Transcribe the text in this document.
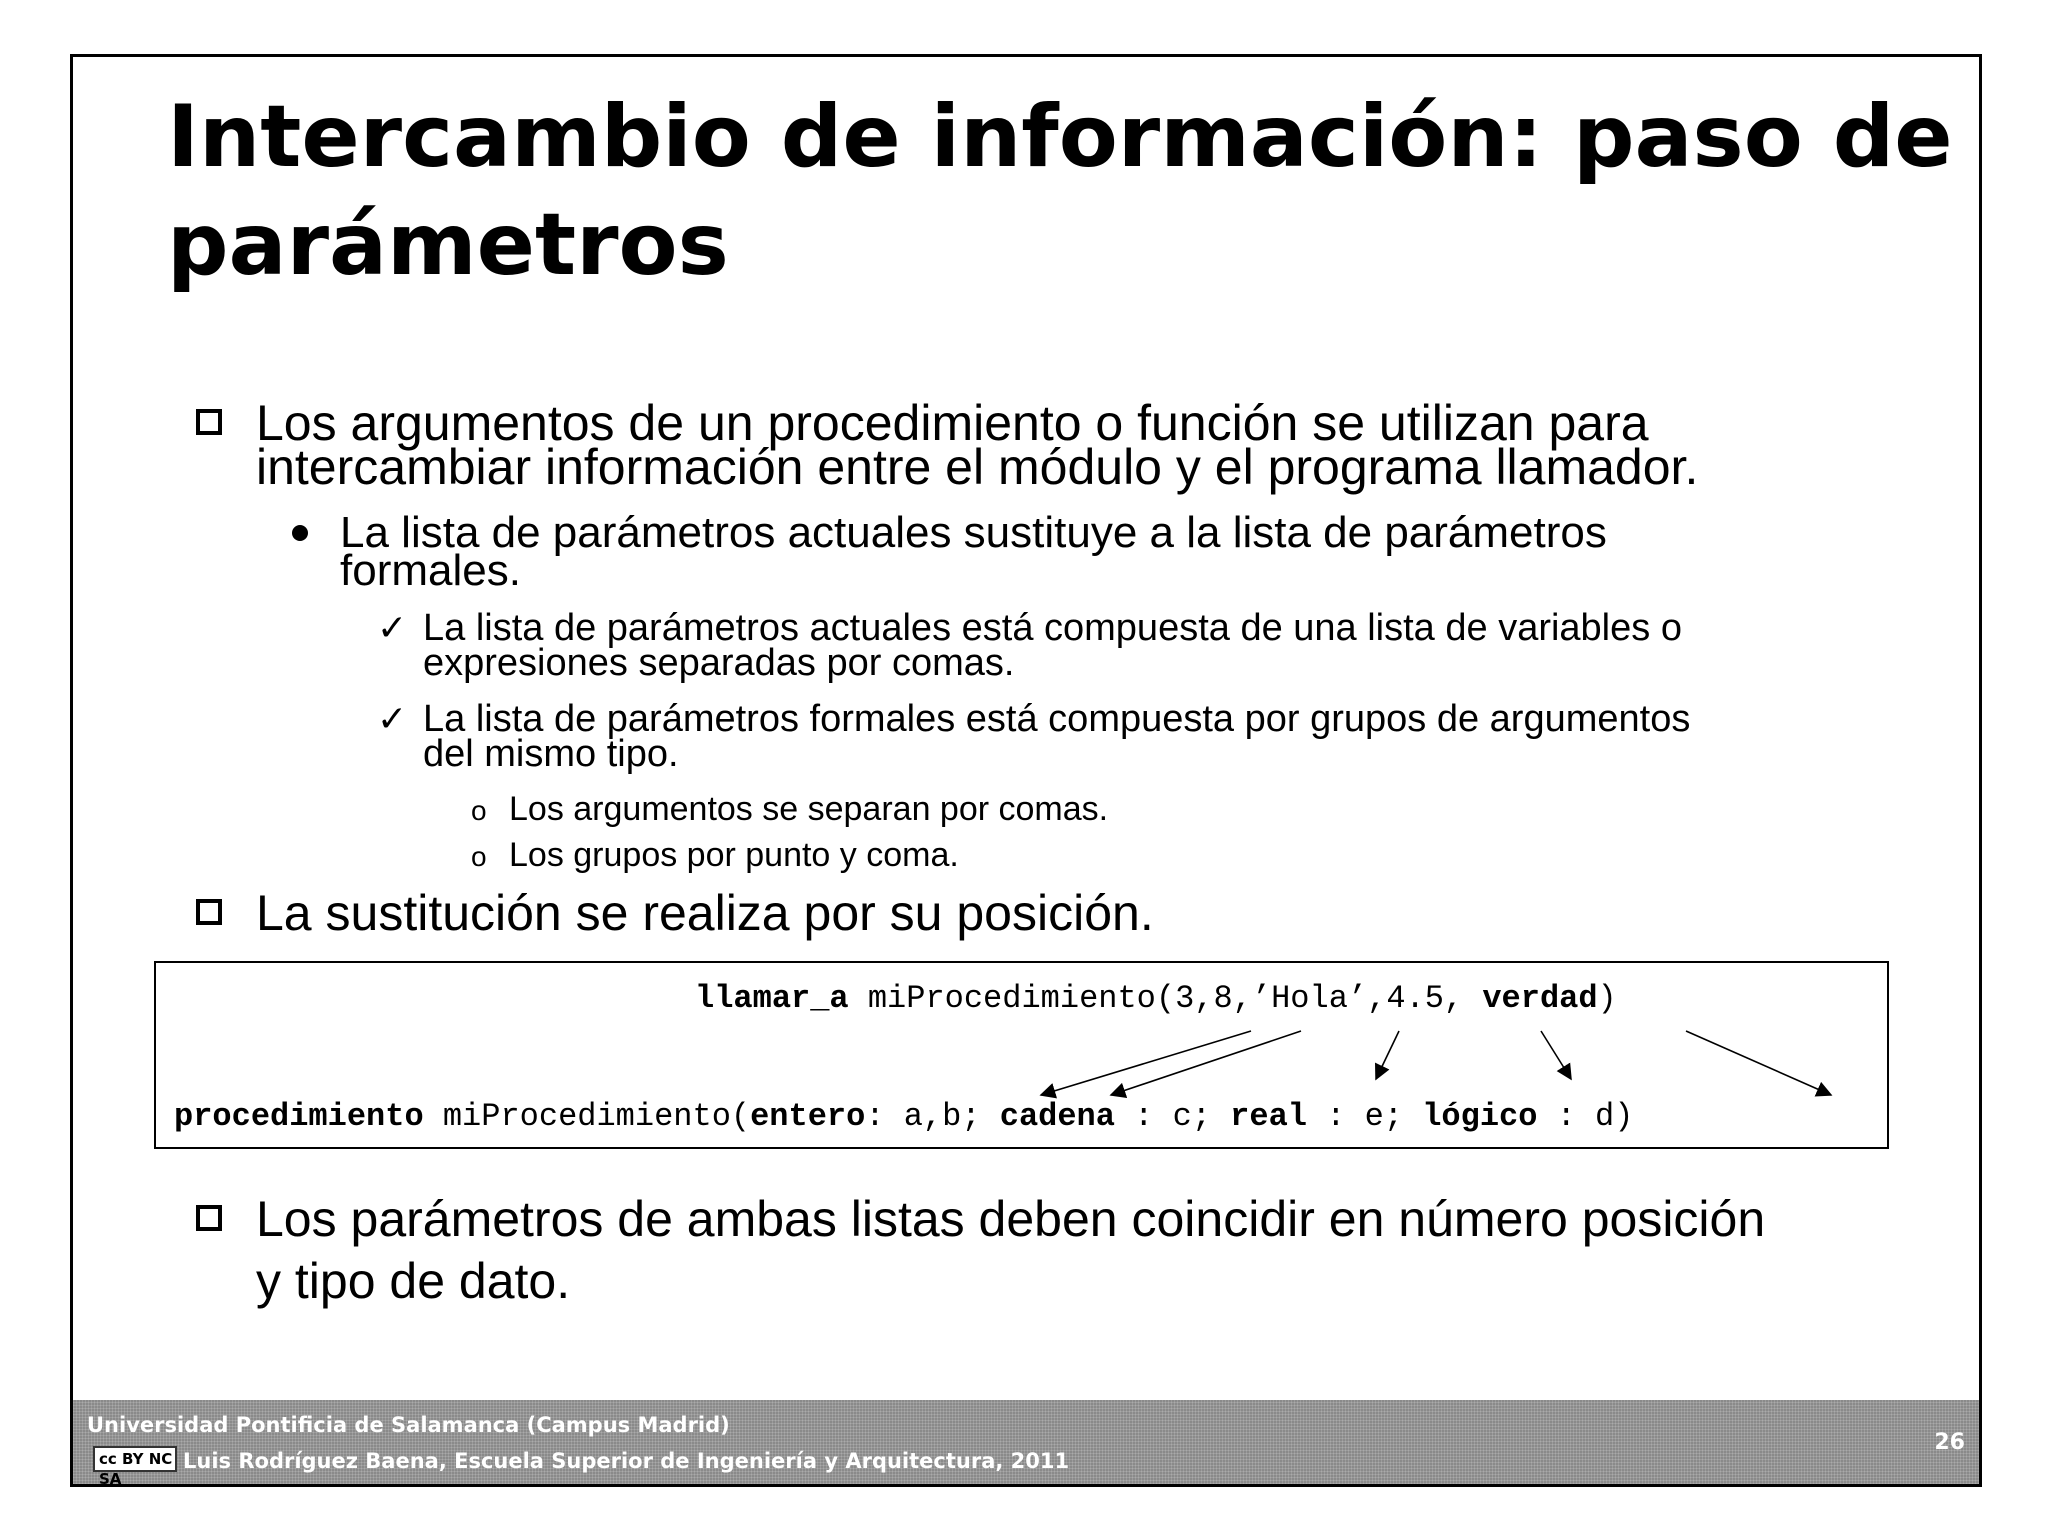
Intercambio de información: paso de parámetros
Los argumentos de un procedimiento o función se utilizan para
intercambiar información entre el módulo y el programa llamador.
La lista de parámetros actuales sustituye a la lista de parámetros
formales.
✓ La lista de parámetros actuales está compuesta de una lista de variables o
expresiones separadas por comas.
✓ La lista de parámetros formales está compuesta por grupos de argumentos
del mismo tipo.
o Los argumentos se separan por comas.
o Los grupos por punto y coma.
La sustitución se realiza por su posición.
llamar_a miProcedimiento(3,8,’Hola’,4.5, verdad)
procedimiento miProcedimiento(entero: a,b; cadena : c; real : e; lógico : d)
Los parámetros de ambas listas deben coincidir en número posición
y tipo de dato.
Universidad Pontificia de Salamanca (Campus Madrid)
cc BY NC SA
Luis Rodríguez Baena, Escuela Superior de Ingeniería y Arquitectura, 2011
26
